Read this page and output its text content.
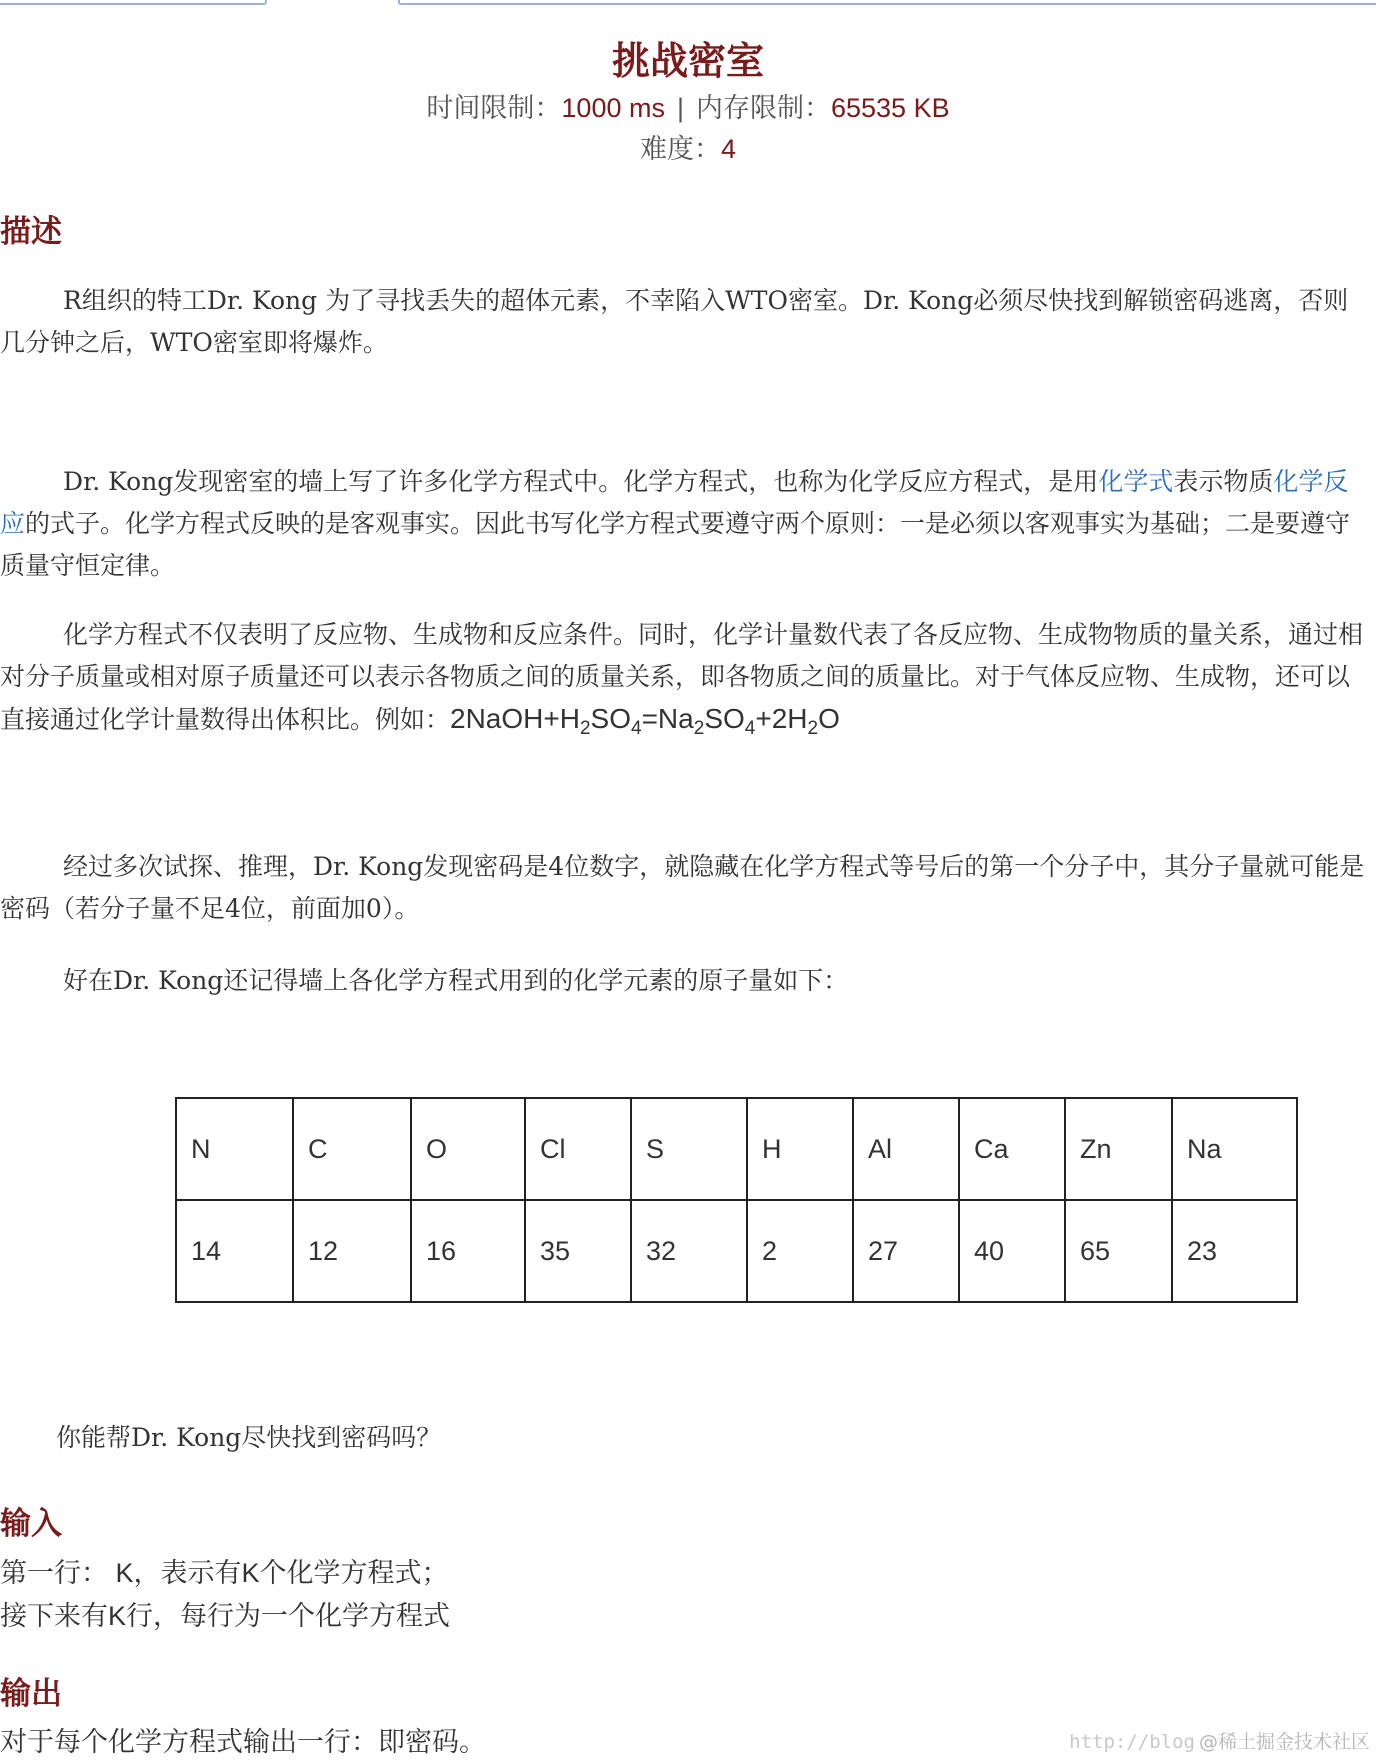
挑战密室
时间限制：1000 ms | 内存限制：65535 KB
难度：4
描述

R组织的特工Dr. Kong 为了寻找丢失的超体元素，不幸陷入WTO密室。Dr. Kong必须尽快找到解锁密码逃离，否则几分钟之后，WTO密室即将爆炸。

Dr. Kong发现密室的墙上写了许多化学方程式中。化学方程式，也称为化学反应方程式，是用化学式表示物质化学反应的式子。化学方程式反映的是客观事实。因此书写化学方程式要遵守两个原则：一是必须以客观事实为基础；二是要遵守质量守恒定律。

化学方程式不仅表明了反应物、生成物和反应条件。同时，化学计量数代表了各反应物、生成物物质的量关系，通过相对分子质量或相对原子质量还可以表示各物质之间的质量关系，即各物质之间的质量比。对于气体反应物、生成物，还可以直接通过化学计量数得出体积比。例如：$2NaOH+H_2SO_4=Na_2SO_4+2H_2O$

经过多次试探、推理，Dr. Kong发现密码是4位数字，就隐藏在化学方程式等号后的第一个分子中，其分子量就可能是密码（若分子量不足4位，前面加0）。

好在Dr. Kong还记得墙上各化学方程式用到的化学元素的原子量如下：

N	C	O	Cl	S	H	Al	Ca	Zn	Na
14	12	16	35	32	2	27	40	65	23

你能帮Dr. Kong尽快找到密码吗？

输入

第一行： K，表示有K个化学方程式；

接下来有K行，每行为一个化学方程式

输出

对于每个化学方程式输出一行：即密码。	http://blog @稀土掘金技术社区
